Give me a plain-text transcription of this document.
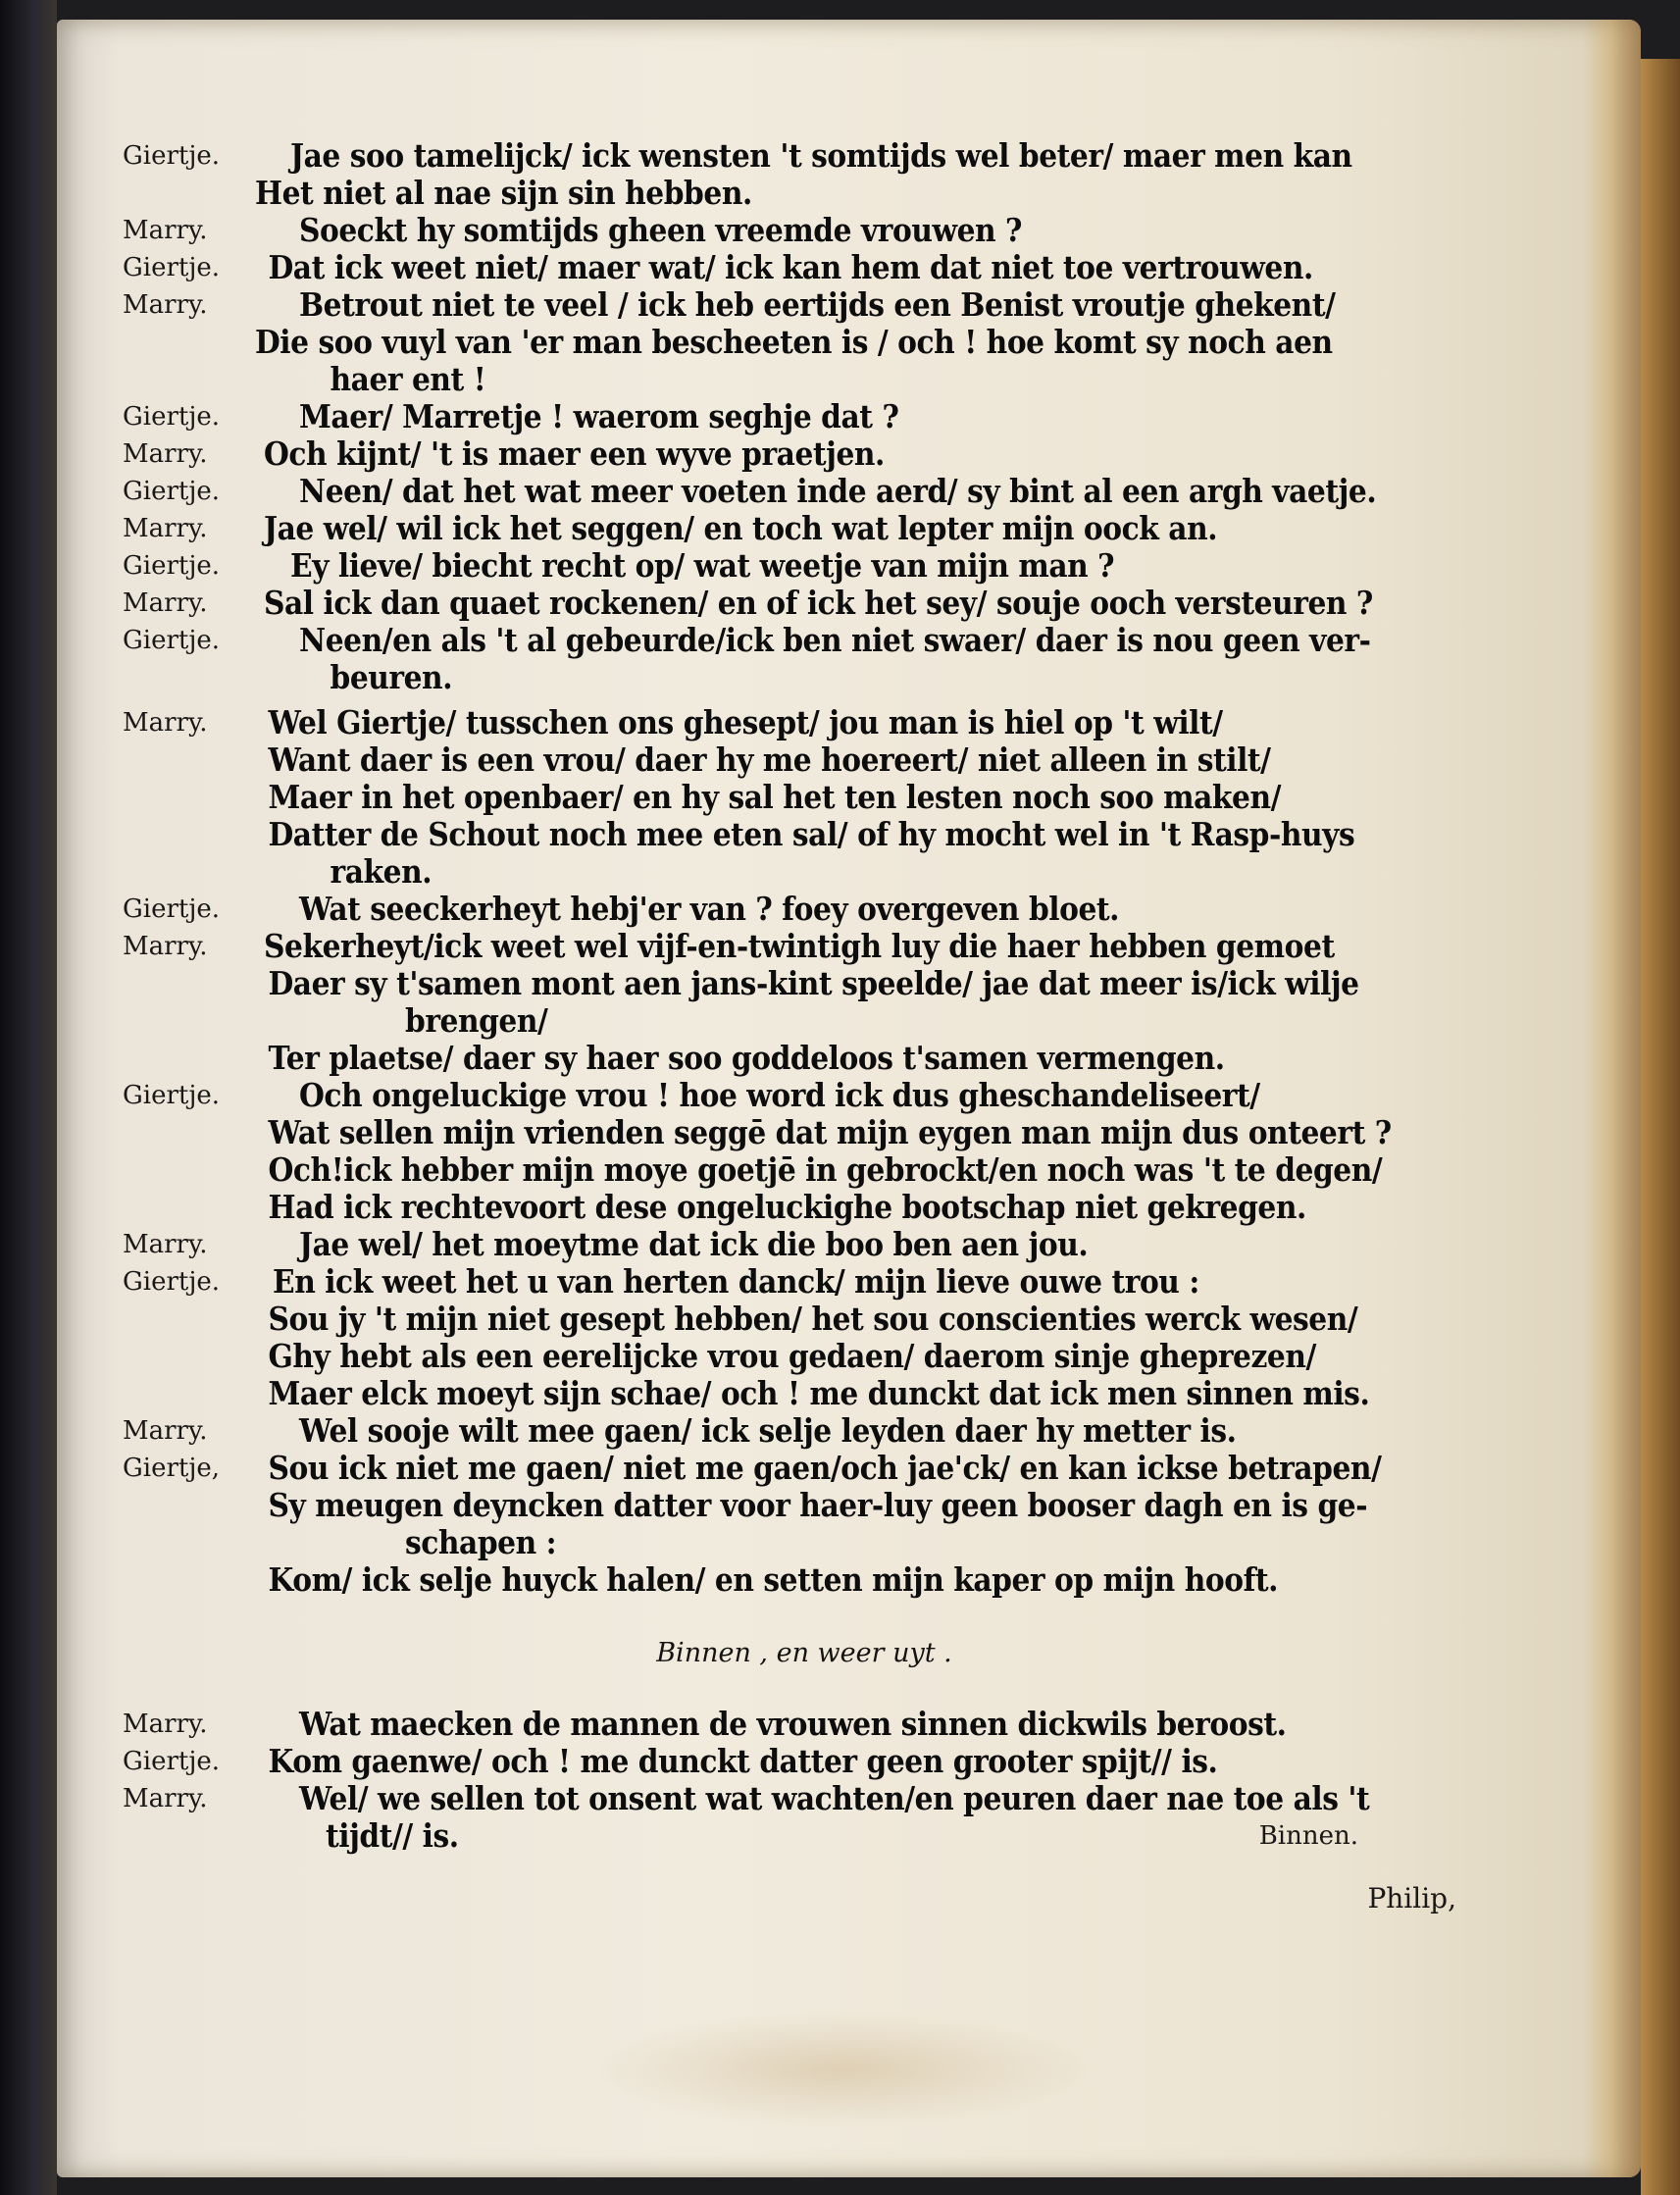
Giertje.	Jae soo tamelijck/ ick wensten 't somtijds wel beter/ maer men kan
Het niet al nae sijn sin hebben.
Marry.	Soeckt hy somtijds gheen vreemde vrouwen ?
Giertje.	Dat ick weet niet/ maer wat/ ick kan hem dat niet toe vertrouwen.
Marry.	Betrout niet te veel / ick heb eertijds een Benist vroutje ghekent/
Die soo vuyl van 'er man bescheeten is / och ! hoe komt sy noch aen
haer ent !
Giertje.	Maer/ Marretje ! waerom seghje dat ?
Marry.	Och kijnt/ 't is maer een wyve praetjen.
Giertje.	Neen/ dat het wat meer voeten inde aerd/ sy bint al een argh vaetje.
Marry.	Jae wel/ wil ick het seggen/ en toch wat lepter mijn oock an.
Giertje.	Ey lieve/ biecht recht op/ wat weetje van mijn man ?
Marry.	Sal ick dan quaet rockenen/ en of ick het sey/ souje ooch versteuren ?
Giertje.	Neen/en als 't al gebeurde/ick ben niet swaer/ daer is nou geen ver-
beuren.
Marry.	Wel Giertje/ tusschen ons ghesept/ jou man is hiel op 't wilt/
Want daer is een vrou/ daer hy me hoereert/ niet alleen in stilt/
Maer in het openbaer/ en hy sal het ten lesten noch soo maken/
Datter de Schout noch mee eten sal/ of hy mocht wel in 't Rasp-huys
raken.
Giertje.	Wat seeckerheyt hebj'er van ? foey overgeven bloet.
Marry.	Sekerheyt/ick weet wel vijf-en-twintigh luy die haer hebben gemoet
Daer sy t'samen mont aen jans-kint speelde/ jae dat meer is/ick wilje
brengen/
Ter plaetse/ daer sy haer soo goddeloos t'samen vermengen.
Giertje.	Och ongeluckige vrou ! hoe word ick dus gheschandeliseert/
Wat sellen mijn vrienden seggē dat mijn eygen man mijn dus onteert ?
Och!ick hebber mijn moye goetjē in gebrockt/en noch was 't te degen/
Had ick rechtevoort dese ongeluckighe bootschap niet gekregen.
Marry.	Jae wel/ het moeytme dat ick die boo ben aen jou.
Giertje.	En ick weet het u van herten danck/ mijn lieve ouwe trou :
Sou jy 't mijn niet gesept hebben/ het sou conscienties werck wesen/
Ghy hebt als een eerelijcke vrou gedaen/ daerom sinje gheprezen/
Maer elck moeyt sijn schae/ och ! me dunckt dat ick men sinnen mis.
Marry.	Wel sooje wilt mee gaen/ ick selje leyden daer hy metter is.
Giertje,	Sou ick niet me gaen/ niet me gaen/och jae'ck/ en kan ickse betrapen/
Sy meugen deyncken datter voor haer-luy geen booser dagh en is ge-
schapen :
Kom/ ick selje huyck halen/ en setten mijn kaper op mijn hooft.
Binnen , en weer uyt .
Marry.	Wat maecken de mannen de vrouwen sinnen dickwils beroost.
Giertje.	Kom gaenwe/ och ! me dunckt datter geen grooter spijt// is.
Marry.	Wel/ we sellen tot onsent wat wachten/en peuren daer nae toe als 't
tijdt// is.	Binnen.
Philip,
